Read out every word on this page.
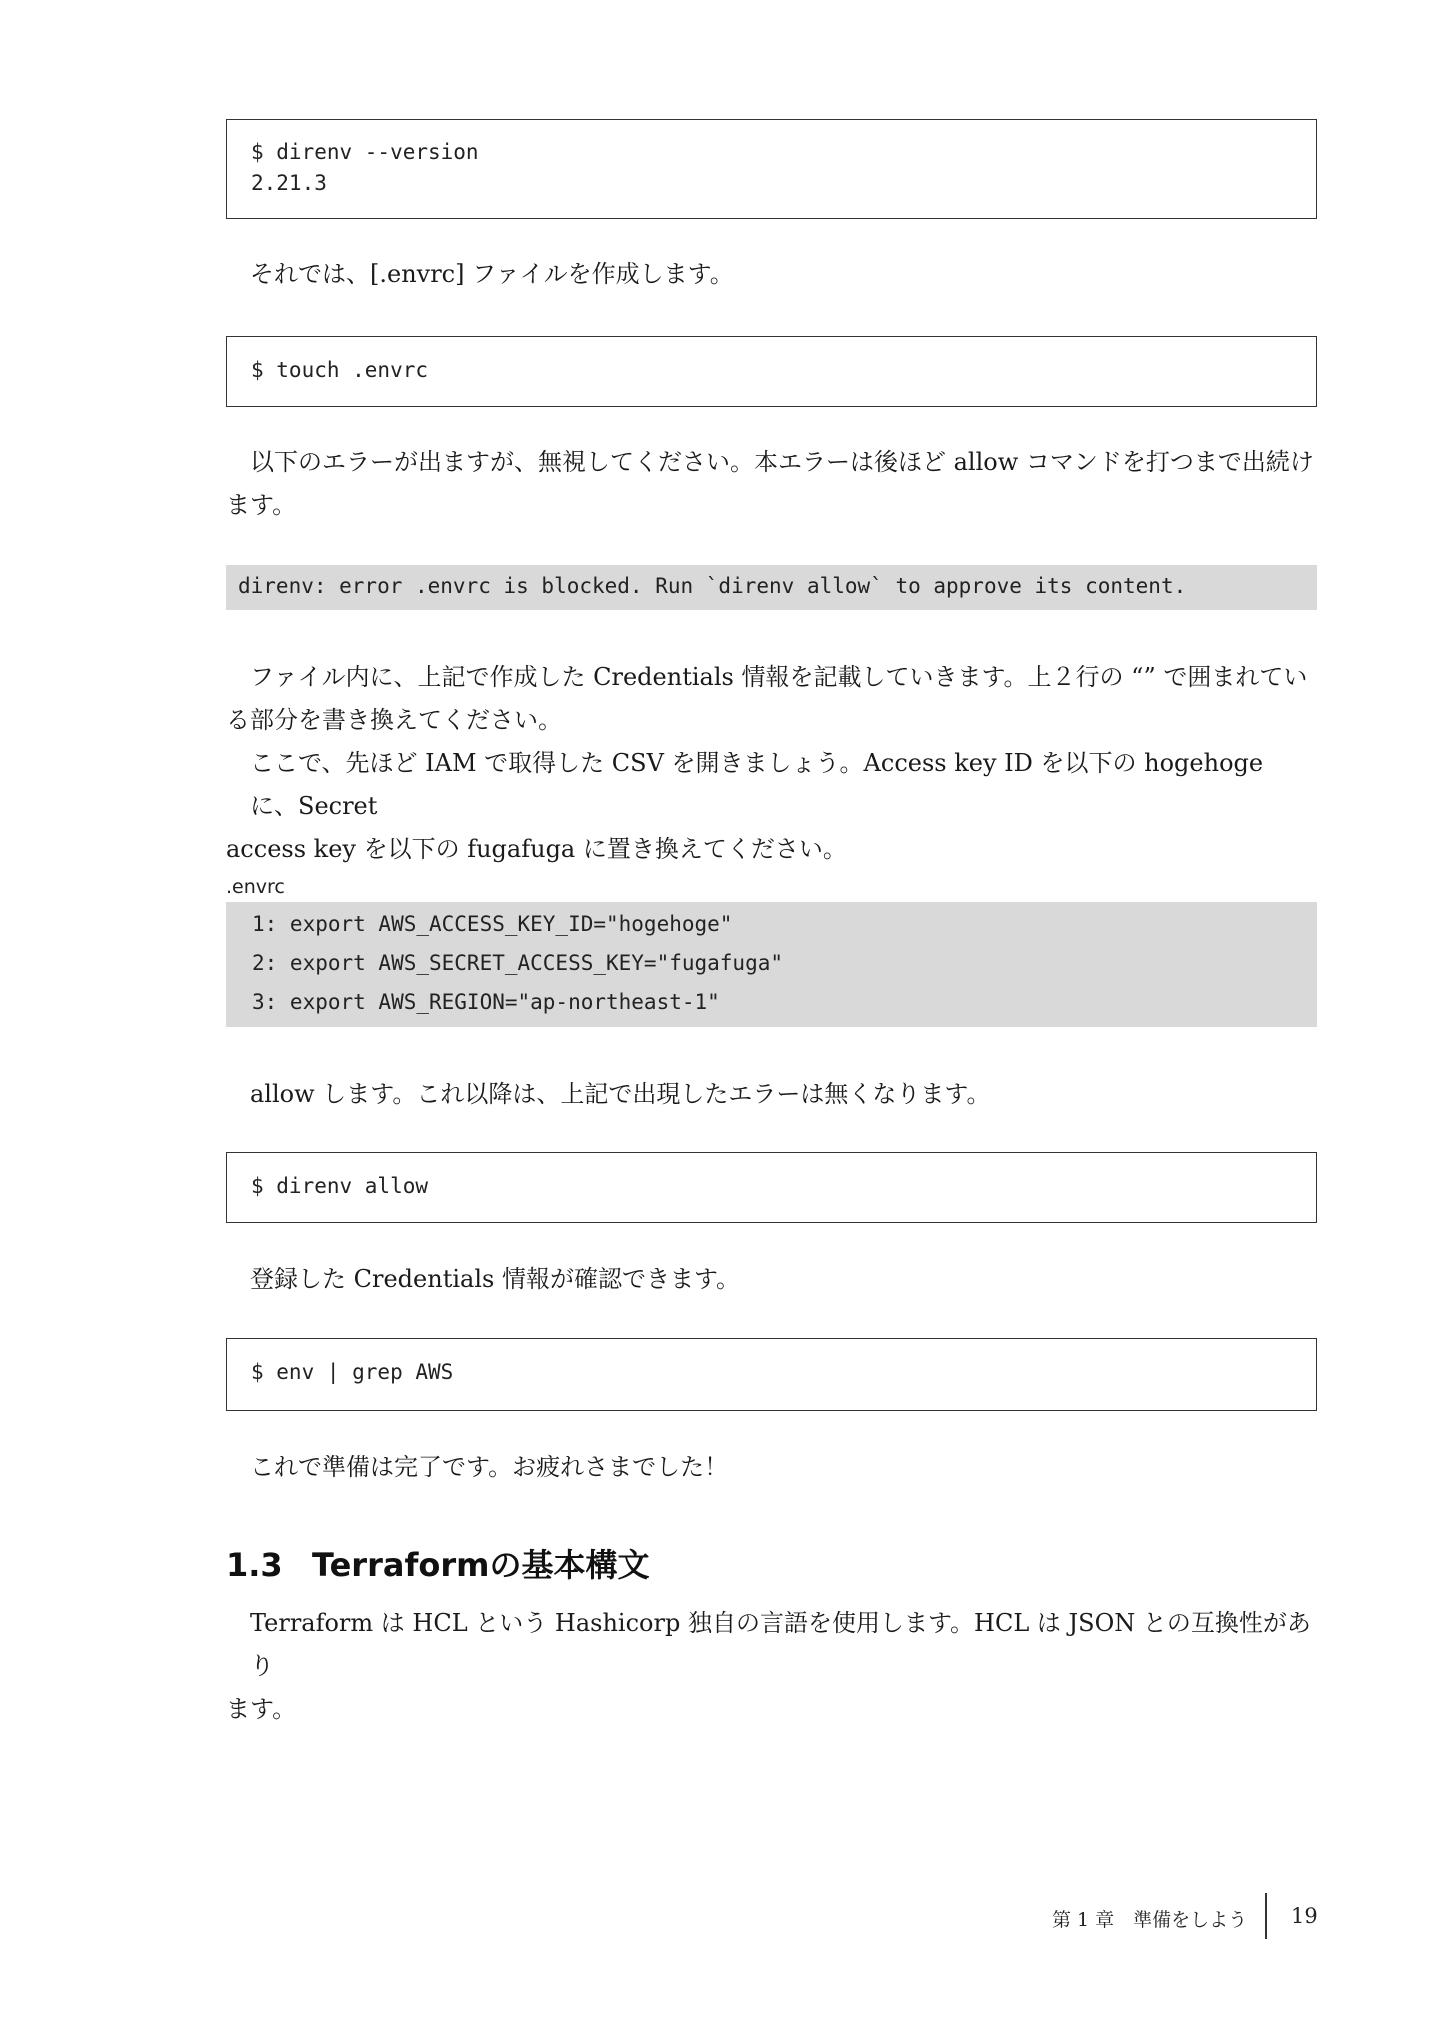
$ direnv --version
2.21.3
それでは、[.envrc] ファイルを作成します。
$ touch .envrc
以下のエラーが出ますが、無視してください。本エラーは後ほど allow コマンドを打つまで出続け
ます。
direnv: error .envrc is blocked. Run `direnv allow` to approve its content.
ファイル内に、上記で作成した Credentials 情報を記載していきます。上２行の “” で囲まれてい
る部分を書き換えてください。
ここで、先ほど IAM で取得した CSV を開きましょう。Access key ID を以下の hogehoge に、Secret
access key を以下の fugafuga に置き換えてください。
.envrc
1: export AWS_ACCESS_KEY_ID="hogehoge"
2: export AWS_SECRET_ACCESS_KEY="fugafuga"
3: export AWS_REGION="ap-northeast-1"
allow します。これ以降は、上記で出現したエラーは無くなります。
$ direnv allow
登録した Credentials 情報が確認できます。
$ env | grep AWS
これで準備は完了です。お疲れさまでした！
1.3 Terraformの基本構文
Terraform は HCL という Hashicorp 独自の言語を使用します。HCL は JSON との互換性があり
ます。
第 1 章　準備をしよう 19
